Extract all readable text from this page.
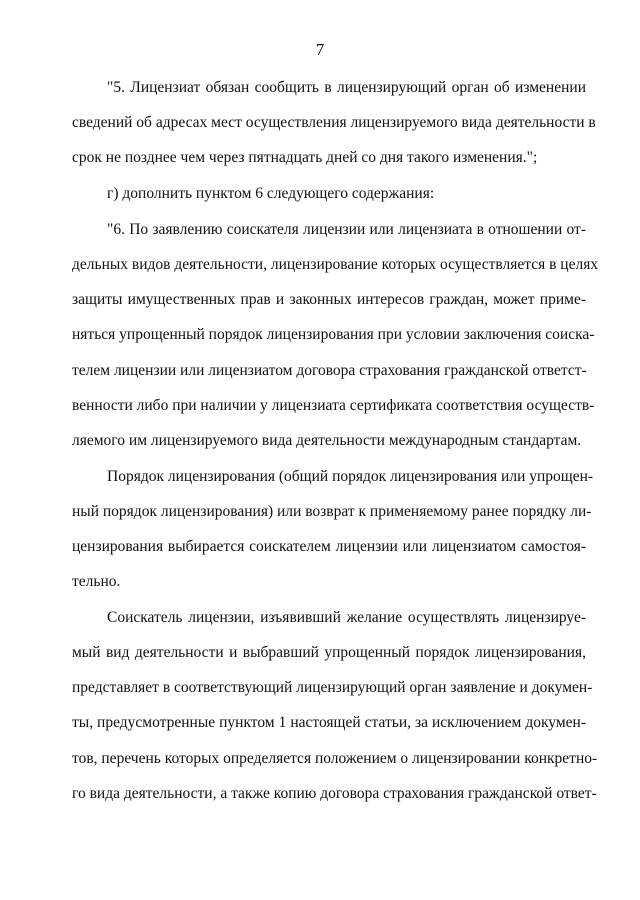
7
"5. Лицензиат обязан сообщить в лицензирующий орган об изменении
сведений об адресах мест осуществления лицензируемого вида деятельности в
срок не позднее чем через пятнадцать дней со дня такого изменения.";
г) дополнить пунктом 6 следующего содержания:
"6. По заявлению соискателя лицензии или лицензиата в отношении от-
дельных видов деятельности, лицензирование которых осуществляется в целях
защиты имущественных прав и законных интересов граждан, может приме-
няться упрощенный порядок лицензирования при условии заключения соиска-
телем лицензии или лицензиатом договора страхования гражданской ответст-
венности либо при наличии у лицензиата сертификата соответствия осуществ-
ляемого им лицензируемого вида деятельности международным стандартам.
Порядок лицензирования (общий порядок лицензирования или упрощен-
ный порядок лицензирования) или возврат к применяемому ранее порядку ли-
цензирования выбирается соискателем лицензии или лицензиатом самостоя-
тельно.
Соискатель лицензии, изъявивший желание осуществлять лицензируе-
мый вид деятельности и выбравший упрощенный порядок лицензирования,
представляет в соответствующий лицензирующий орган заявление и докумен-
ты, предусмотренные пунктом 1 настоящей статьи, за исключением докумен-
тов, перечень которых определяется положением о лицензировании конкретно-
го вида деятельности, а также копию договора страхования гражданской ответ-
